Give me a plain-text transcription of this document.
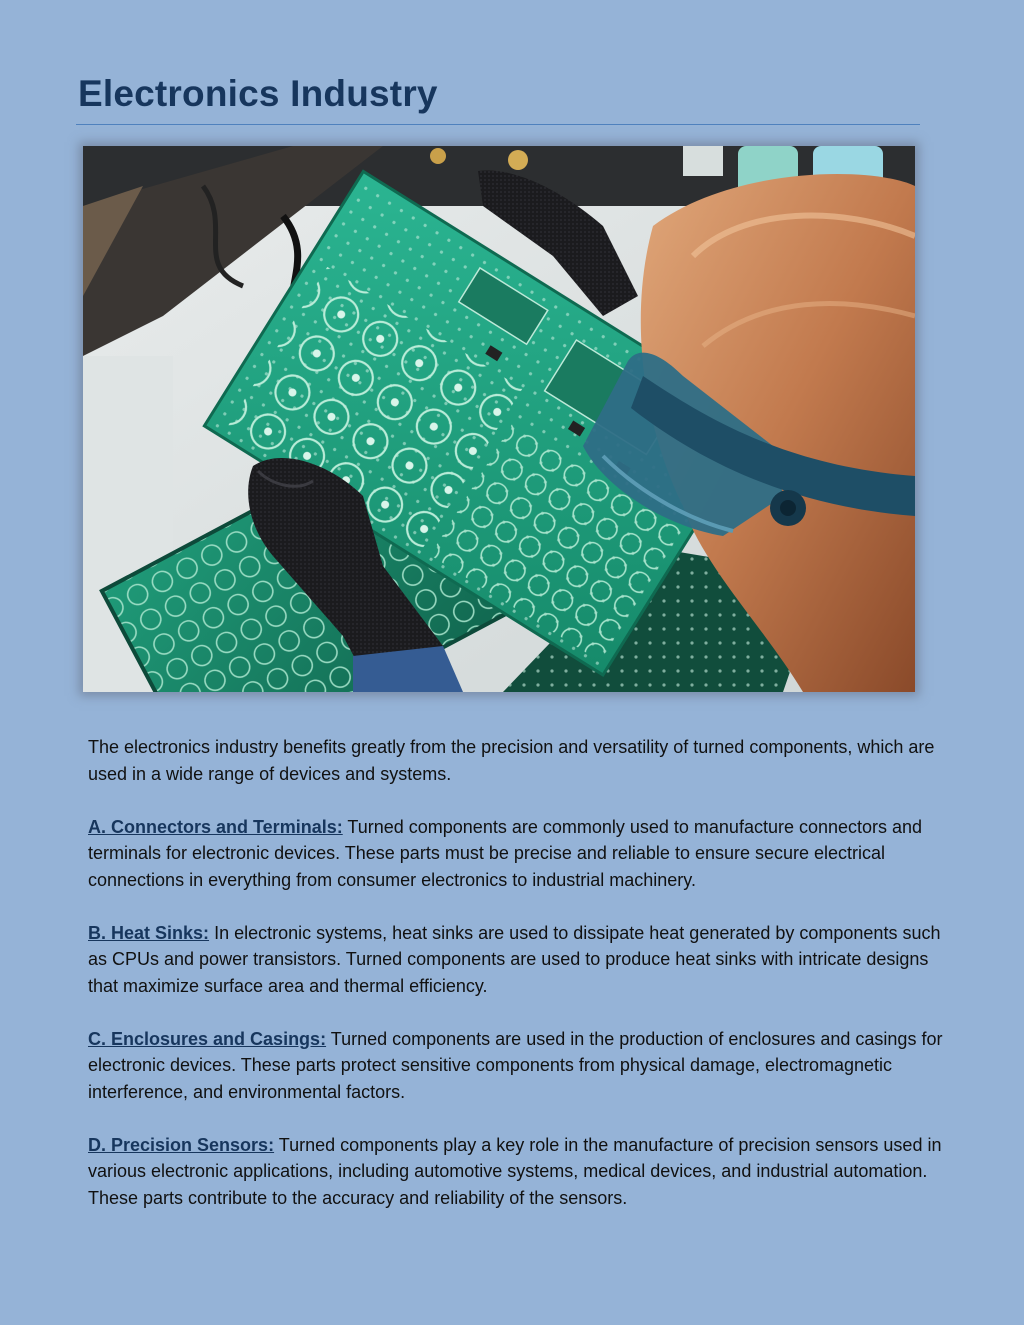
Electronics Industry

The electronics industry benefits greatly from the precision and versatility of turned components, which are used in a wide range of devices and systems.

A. Connectors and Terminals: Turned components are commonly used to manufacture connectors and terminals for electronic devices. These parts must be precise and reliable to ensure secure electrical connections in everything from consumer electronics to industrial machinery.

B. Heat Sinks: In electronic systems, heat sinks are used to dissipate heat generated by components such as CPUs and power transistors. Turned components are used to produce heat sinks with intricate designs that maximize surface area and thermal efficiency.

C. Enclosures and Casings: Turned components are used in the production of enclosures and casings for electronic devices. These parts protect sensitive components from physical damage, electromagnetic interference, and environmental factors.

D. Precision Sensors: Turned components play a key role in the manufacture of precision sensors used in various electronic applications, including automotive systems, medical devices, and industrial automation. These parts contribute to the accuracy and reliability of the sensors.
